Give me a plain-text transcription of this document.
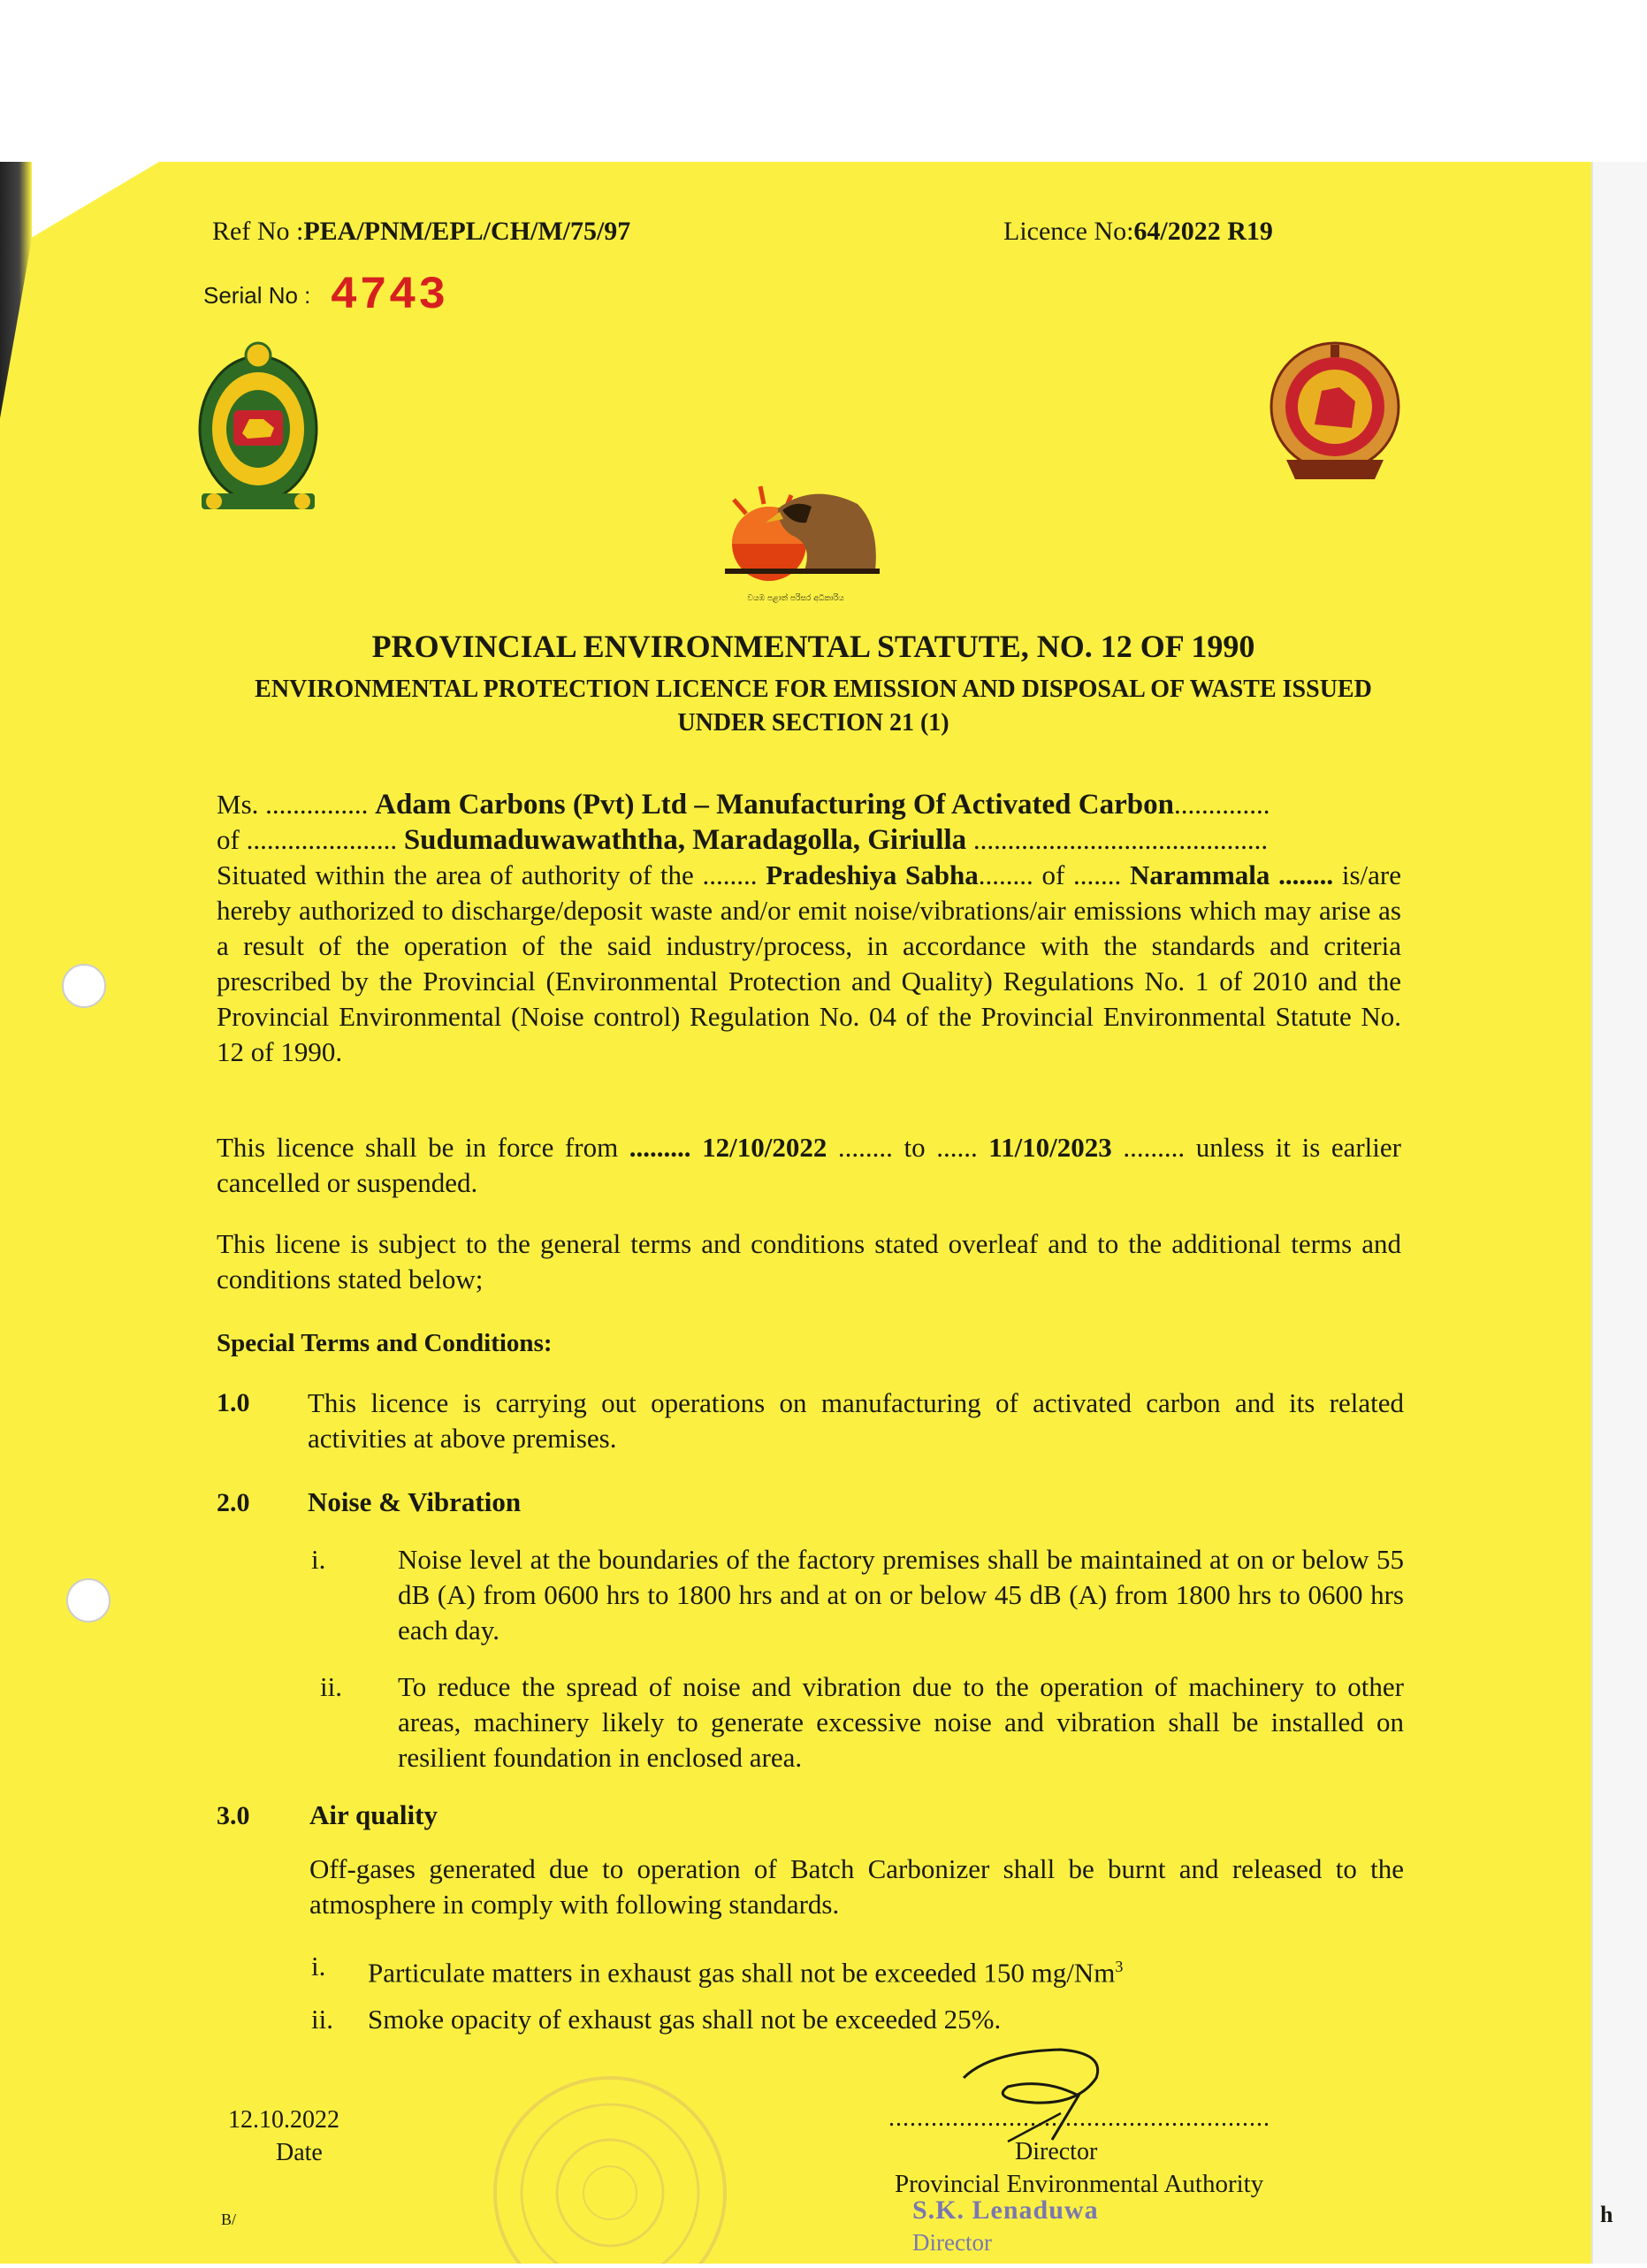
h
Ref No :PEA/PNM/EPL/CH/M/75/97	Licence No:64/2022 R19
Serial No : 4743
වයඹ පළාත් පරිසර අධිකාරිය
PROVINCIAL ENVIRONMENTAL STATUTE, NO. 12 OF 1990
ENVIRONMENTAL PROTECTION LICENCE FOR EMISSION AND DISPOSAL OF WASTE ISSUED
UNDER SECTION 21 (1)
Ms. ............... Adam Carbons (Pvt) Ltd – Manufacturing Of Activated Carbon..............
of ...................... Sudumaduwawaththa, Maradagolla, Giriulla ...........................................
Situated within the area of authority of the ........ Pradeshiya Sabha........ of ....... Narammala ........ is/are hereby authorized to discharge/deposit waste and/or emit noise/vibrations/air emissions which may arise as a result of the operation of the said industry/process, in accordance with the standards and criteria prescribed by the Provincial (Environmental Protection and Quality) Regulations No. 1 of 2010 and the Provincial Environmental (Noise control) Regulation No. 04 of the Provincial Environmental Statute No. 12 of 1990.
This licence shall be in force from ......... 12/10/2022 ........ to ...... 11/10/2023 ......... unless it is earlier cancelled or suspended.
This licene is subject to the general terms and conditions stated overleaf and to the additional terms and conditions stated below;
Special Terms and Conditions:
1.0 This licence is carrying out operations on manufacturing of activated carbon and its related activities at above premises.
2.0 Noise & Vibration
i.	Noise level at the boundaries of the factory premises shall be maintained at on or below 55 dB (A) from 0600 hrs to 1800 hrs and at on or below 45 dB (A) from 1800 hrs to 0600 hrs each day.
ii. To reduce the spread of noise and vibration due to the operation of machinery to other areas, machinery likely to generate excessive noise and vibration shall be installed on resilient foundation in enclosed area.
3.0 Air quality
Off-gases generated due to operation of Batch Carbonizer shall be burnt and released to the atmosphere in comply with following standards.
i. Particulate matters in exhaust gas shall not be exceeded 150 mg/Nm$^3$
ii. Smoke opacity of exhaust gas shall not be exceeded 25%.
12.10.2022
Date
B/
......................................................
Director
Provincial Environmental Authority
S.K. Lenaduwa
Director
